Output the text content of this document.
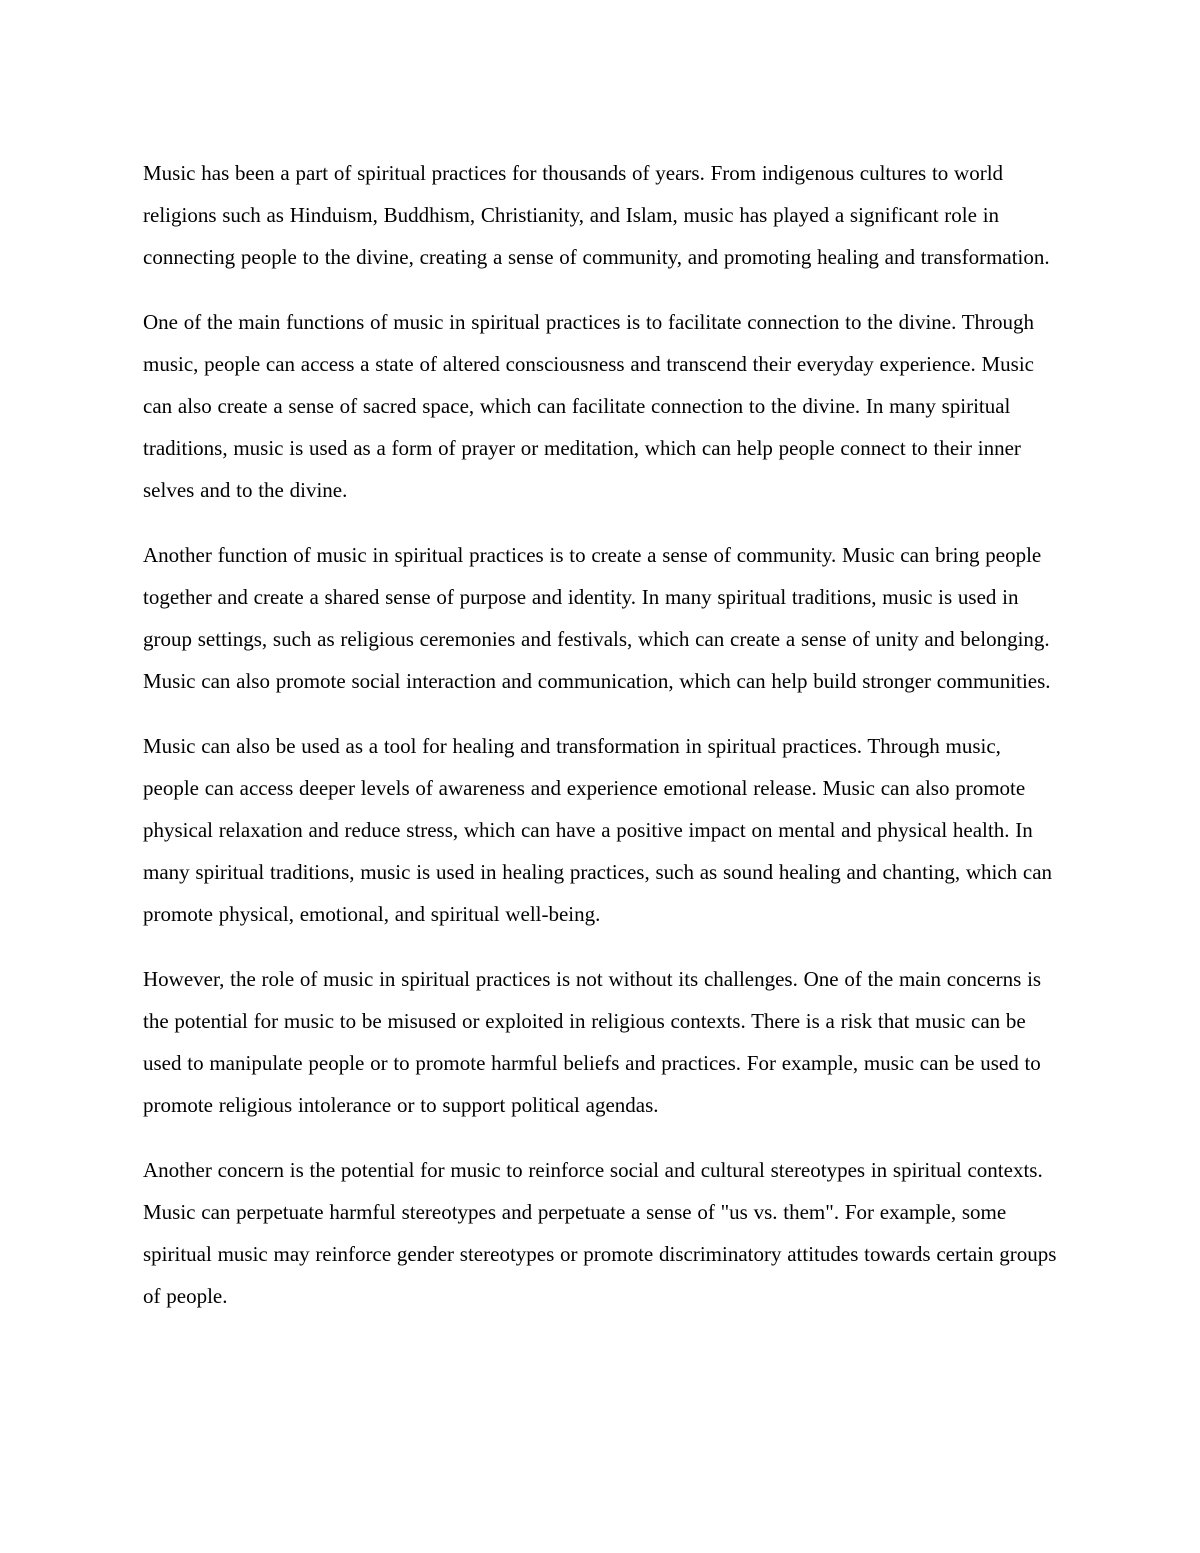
Music has been a part of spiritual practices for thousands of years. From indigenous cultures to world religions such as Hinduism, Buddhism, Christianity, and Islam, music has played a significant role in connecting people to the divine, creating a sense of community, and promoting healing and transformation.

One of the main functions of music in spiritual practices is to facilitate connection to the divine. Through music, people can access a state of altered consciousness and transcend their everyday experience. Music can also create a sense of sacred space, which can facilitate connection to the divine. In many spiritual traditions, music is used as a form of prayer or meditation, which can help people connect to their inner selves and to the divine.

Another function of music in spiritual practices is to create a sense of community. Music can bring people together and create a shared sense of purpose and identity. In many spiritual traditions, music is used in group settings, such as religious ceremonies and festivals, which can create a sense of unity and belonging. Music can also promote social interaction and communication, which can help build stronger communities.

Music can also be used as a tool for healing and transformation in spiritual practices. Through music, people can access deeper levels of awareness and experience emotional release. Music can also promote physical relaxation and reduce stress, which can have a positive impact on mental and physical health. In many spiritual traditions, music is used in healing practices, such as sound healing and chanting, which can promote physical, emotional, and spiritual well-being.

However, the role of music in spiritual practices is not without its challenges. One of the main concerns is the potential for music to be misused or exploited in religious contexts. There is a risk that music can be used to manipulate people or to promote harmful beliefs and practices. For example, music can be used to promote religious intolerance or to support political agendas.

Another concern is the potential for music to reinforce social and cultural stereotypes in spiritual contexts. Music can perpetuate harmful stereotypes and perpetuate a sense of "us vs. them". For example, some spiritual music may reinforce gender stereotypes or promote discriminatory attitudes towards certain groups of people.
